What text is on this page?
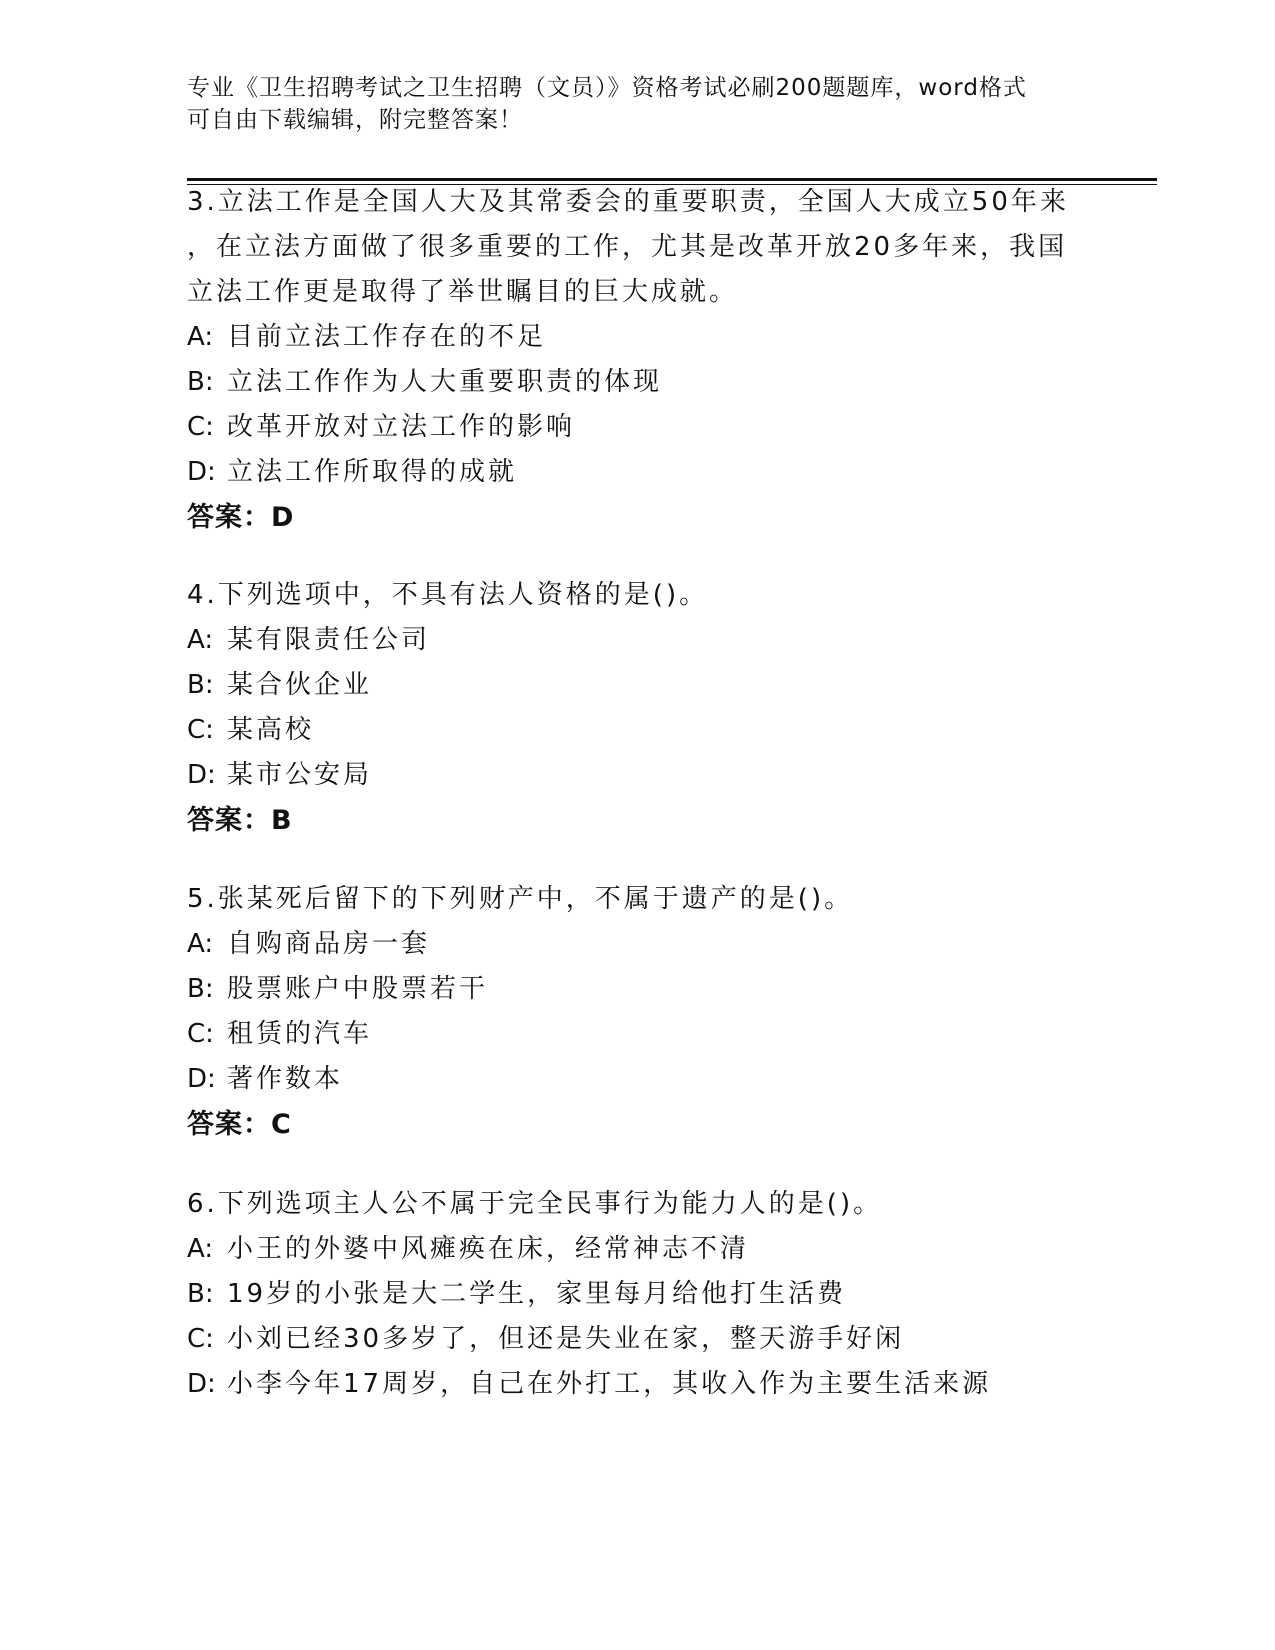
专业《卫生招聘考试之卫生招聘（文员）》资格考试必刷200题题库，word格式
可自由下载编辑，附完整答案！
3.立法工作是全国人大及其常委会的重要职责，全国人大成立50年来
，在立法方面做了很多重要的工作，尤其是改革开放20多年来，我国
立法工作更是取得了举世瞩目的巨大成就。
A: 目前立法工作存在的不足
B: 立法工作作为人大重要职责的体现
C: 改革开放对立法工作的影响
D: 立法工作所取得的成就
答案：D
4.下列选项中，不具有法人资格的是()。
A: 某有限责任公司
B: 某合伙企业
C: 某高校
D: 某市公安局
答案：B
5.张某死后留下的下列财产中，不属于遗产的是()。
A: 自购商品房一套
B: 股票账户中股票若干
C: 租赁的汽车
D: 著作数本
答案：C
6.下列选项主人公不属于完全民事行为能力人的是()。
A: 小王的外婆中风瘫痪在床，经常神志不清
B: 19岁的小张是大二学生，家里每月给他打生活费
C: 小刘已经30多岁了，但还是失业在家，整天游手好闲
D: 小李今年17周岁，自己在外打工，其收入作为主要生活来源
